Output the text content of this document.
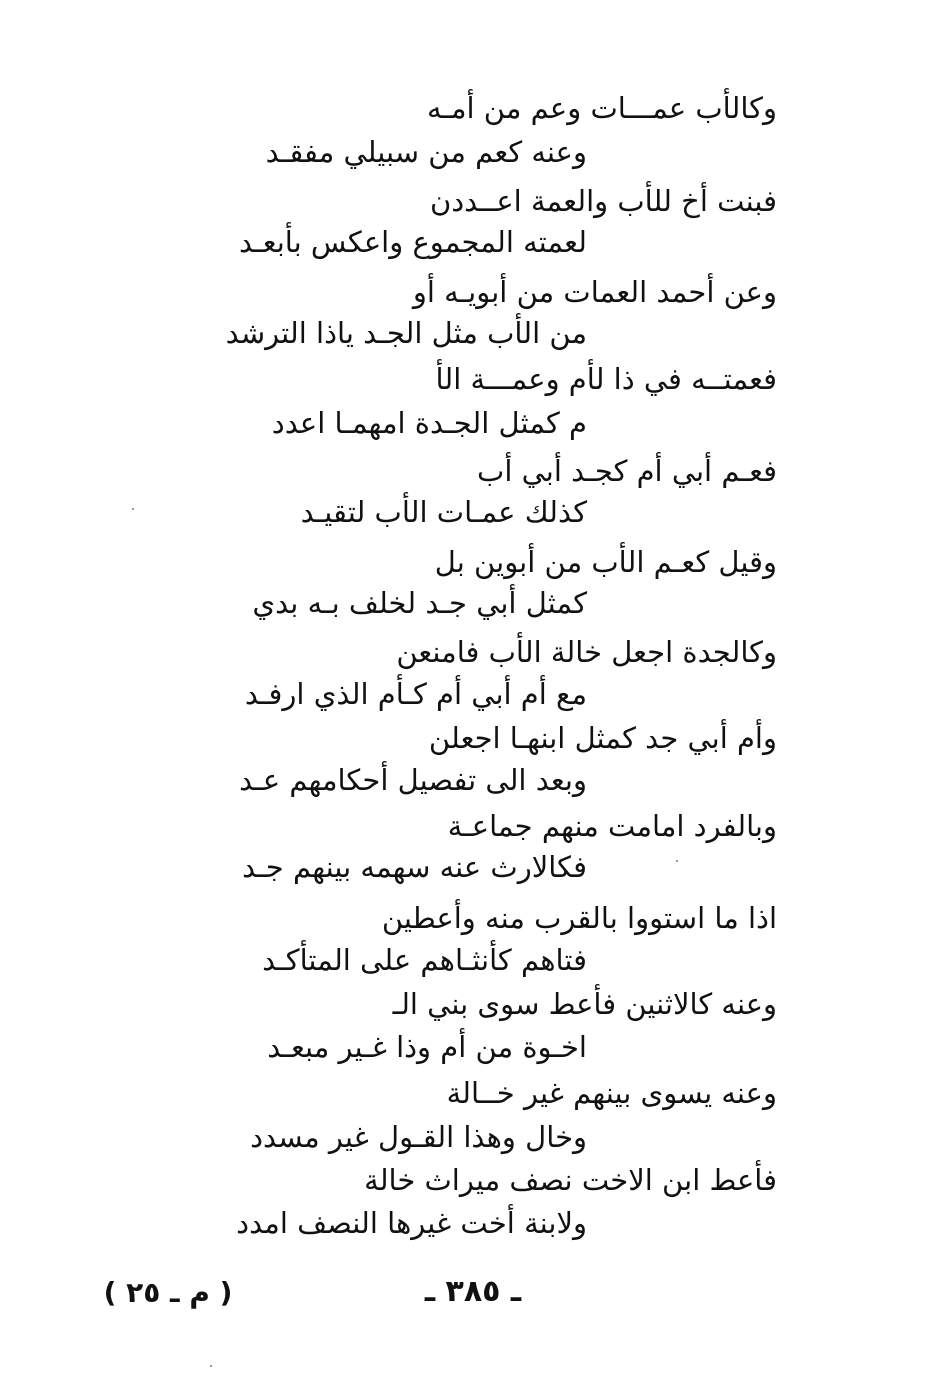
وكالأب عمـــات وعم من أمـه
وعنه كعم من سبيلي مفقـد
فبنت أخ للأب والعمة اعــددن
لعمته المجموع واعكس بأبعـد
وعن أحمد العمات من أبويـه أو
من الأب مثل الجـد ياذا الترشد
فعمتــه في ذا لأم وعمـــة الأ
م كمثل الجـدة امهمـا اعدد
فعـم أبي أم كجـد أبي أب
كذلك عمـات الأب لتقيـد
وقيل كعـم الأب من أبوين بل
كمثل أبي جـد لخلف بـه بدي
وكالجدة اجعل خالة الأب فامنعن
مع أم أبي أم كـأم الذي ارفـد
وأم أبي جد كمثل ابنهـا اجعلن
وبعد الى تفصيل أحكامهم عـد
وبالفرد امامت منهم جماعـة
فكالارث عنه سهمه بينهم جـد
اذا ما استووا بالقرب منه وأعطين
فتاهم كأنثـاهم على المتأكـد
وعنه كالاثنين فأعط سوى بني الـ
اخـوة من أم وذا غـير مبعـد
وعنه يسوى بينهم غير خــالة
وخال وهذا القـول غير مسدد
فأعط ابن الاخت نصف ميراث خالة
ولابنة أخت غيرها النصف امدد
ـ ٣٨٥ ـ
( م ـ ٢٥ )
